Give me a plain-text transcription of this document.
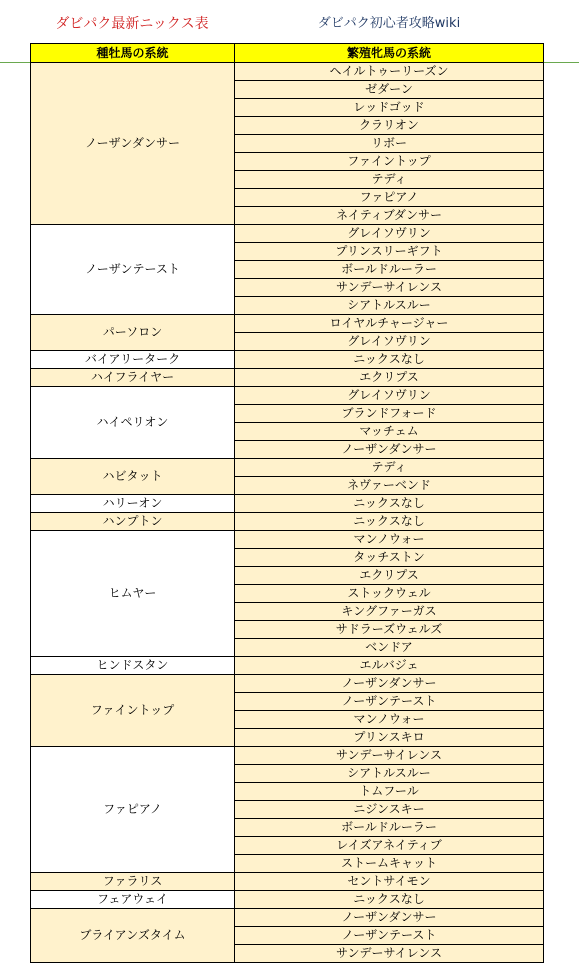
ダビパク最新ニックス表	ダビパク初心者攻略wiki
種牡馬の系統	繁殖牝馬の系統
ノーザンダンサー	ヘイルトゥーリーズン
	ゼダーン
	レッドゴッド
	クラリオン
	リボー
	ファイントップ
	テディ
	ファピアノ
	ネイティブダンサー
ノーザンテースト	グレイソヴリン
	プリンスリーギフト
	ボールドルーラー
	サンデーサイレンス
	シアトルスルー
パーソロン	ロイヤルチャージャー
	グレイソヴリン
バイアリーターク	ニックスなし
ハイフライヤー	エクリプス
ハイペリオン	グレイソヴリン
	ブランドフォード
	マッチェム
	ノーザンダンサー
ハビタット	テディ
	ネヴァーベンド
ハリーオン	ニックスなし
ハンプトン	ニックスなし
ヒムヤー	マンノウォー
	タッチストン
	エクリプス
	ストックウェル
	キングファーガス
	サドラーズウェルズ
	ベンドア
ヒンドスタン	エルバジェ
ファイントップ	ノーザンダンサー
	ノーザンテースト
	マンノウォー
	プリンスキロ
ファピアノ	サンデーサイレンス
	シアトルスルー
	トムフール
	ニジンスキー
	ボールドルーラー
	レイズアネイティブ
	ストームキャット
ファラリス	セントサイモン
フェアウェイ	ニックスなし
ブライアンズタイム	ノーザンダンサー
	ノーザンテースト
	サンデーサイレンス
